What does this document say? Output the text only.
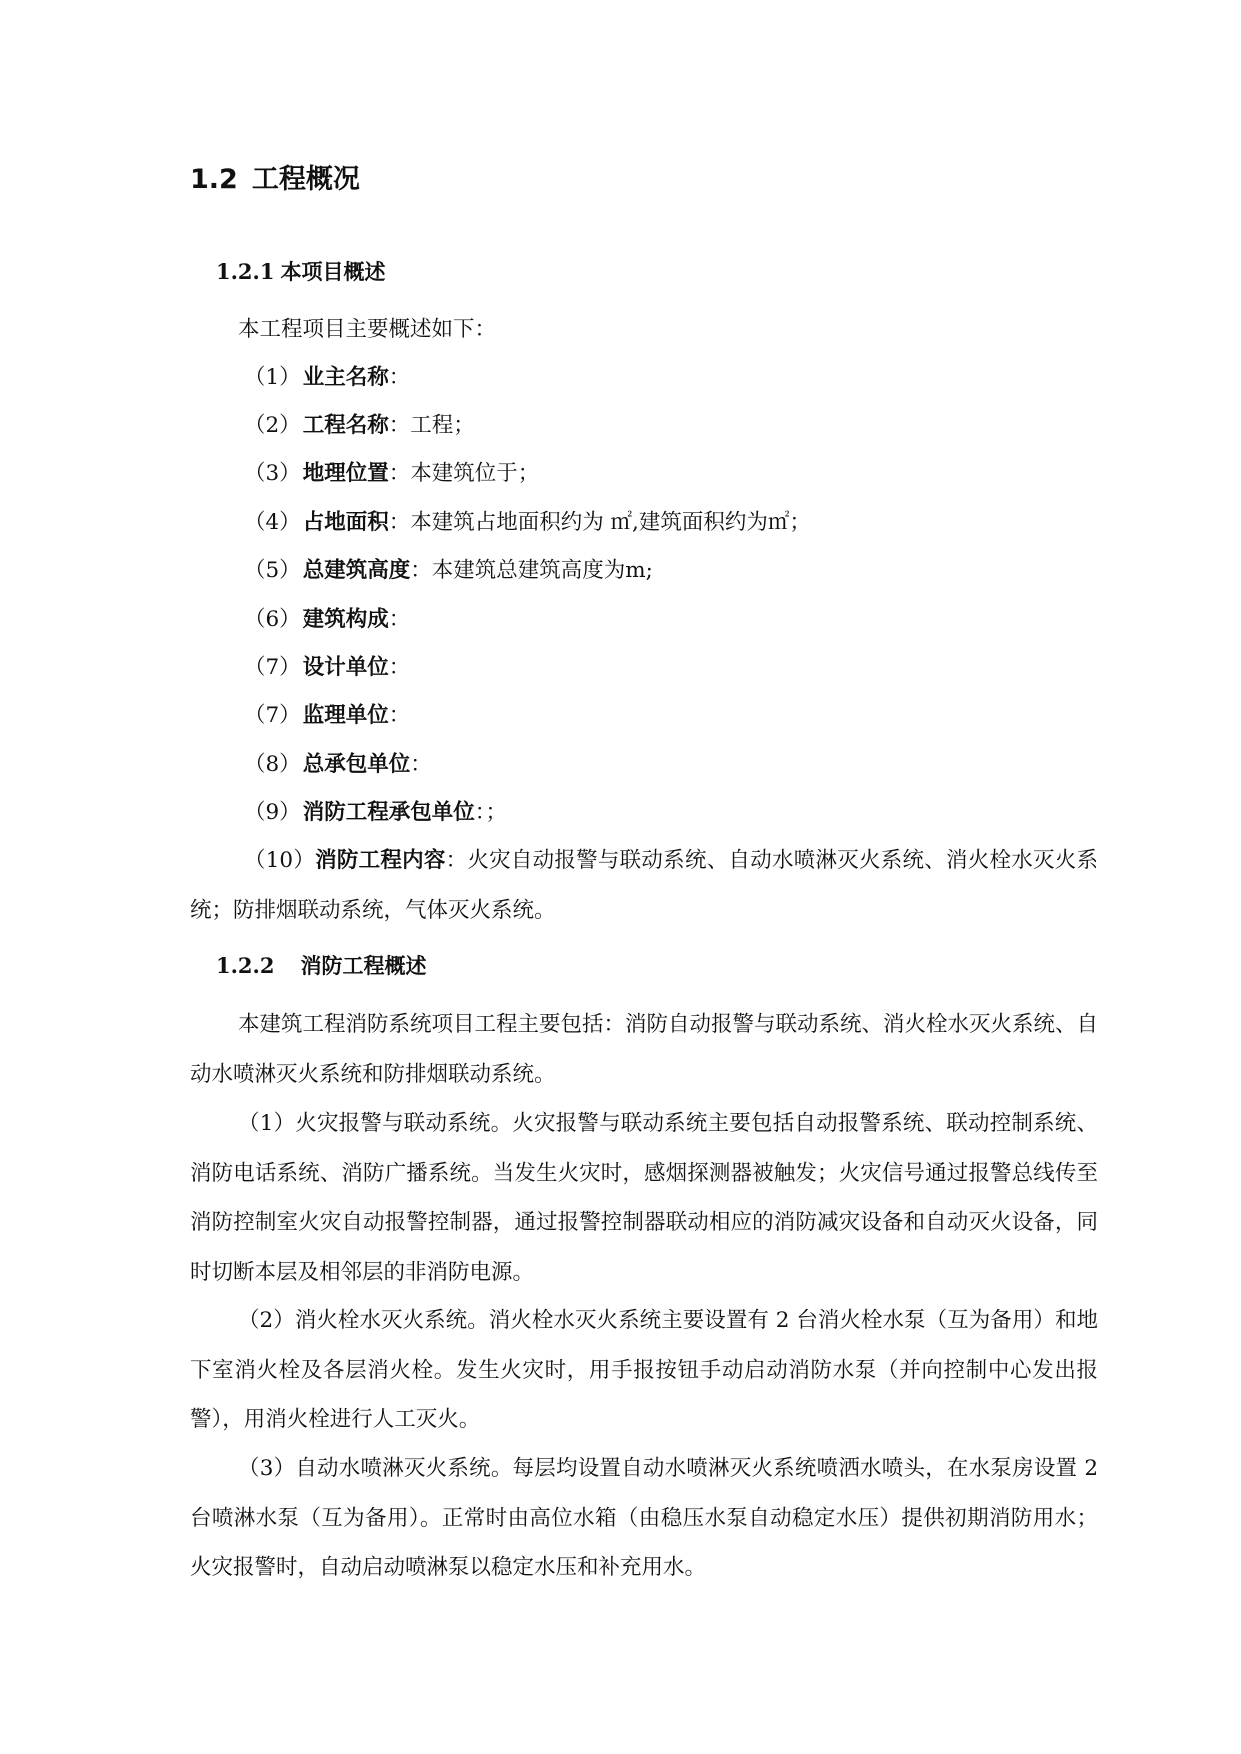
1.2 工程概况
1.2.1 本项目概述

本工程项目主要概述如下：

（1）业主名称：

（2）工程名称：工程；

（3）地理位置：本建筑位于；

（4）占地面积：本建筑占地面积约为 ㎡,建筑面积约为㎡；

（5）总建筑高度：本建筑总建筑高度为m;

（6）建筑构成：

（7）设计单位：

（7）监理单位：

（8）总承包单位：

（9）消防工程承包单位：；

（10）消防工程内容：火灾自动报警与联动系统、自动水喷淋灭火系统、消火栓水灭火系统；防排烟联动系统，气体灭火系统。

1.2.2 消防工程概述

本建筑工程消防系统项目工程主要包括：消防自动报警与联动系统、消火栓水灭火系统、自动水喷淋灭火系统和防排烟联动系统。

（1）火灾报警与联动系统。火灾报警与联动系统主要包括自动报警系统、联动控制系统、消防电话系统、消防广播系统。当发生火灾时，感烟探测器被触发；火灾信号通过报警总线传至消防控制室火灾自动报警控制器，通过报警控制器联动相应的消防减灾设备和自动灭火设备，同时切断本层及相邻层的非消防电源。

（2）消火栓水灭火系统。消火栓水灭火系统主要设置有 2 台消火栓水泵（互为备用）和地下室消火栓及各层消火栓。发生火灾时，用手报按钮手动启动消防水泵（并向控制中心发出报警），用消火栓进行人工灭火。

（3）自动水喷淋灭火系统。每层均设置自动水喷淋灭火系统喷洒水喷头，在水泵房设置 2 台喷淋水泵（互为备用）。正常时由高位水箱（由稳压水泵自动稳定水压）提供初期消防用水；火灾报警时，自动启动喷淋泵以稳定水压和补充用水。
